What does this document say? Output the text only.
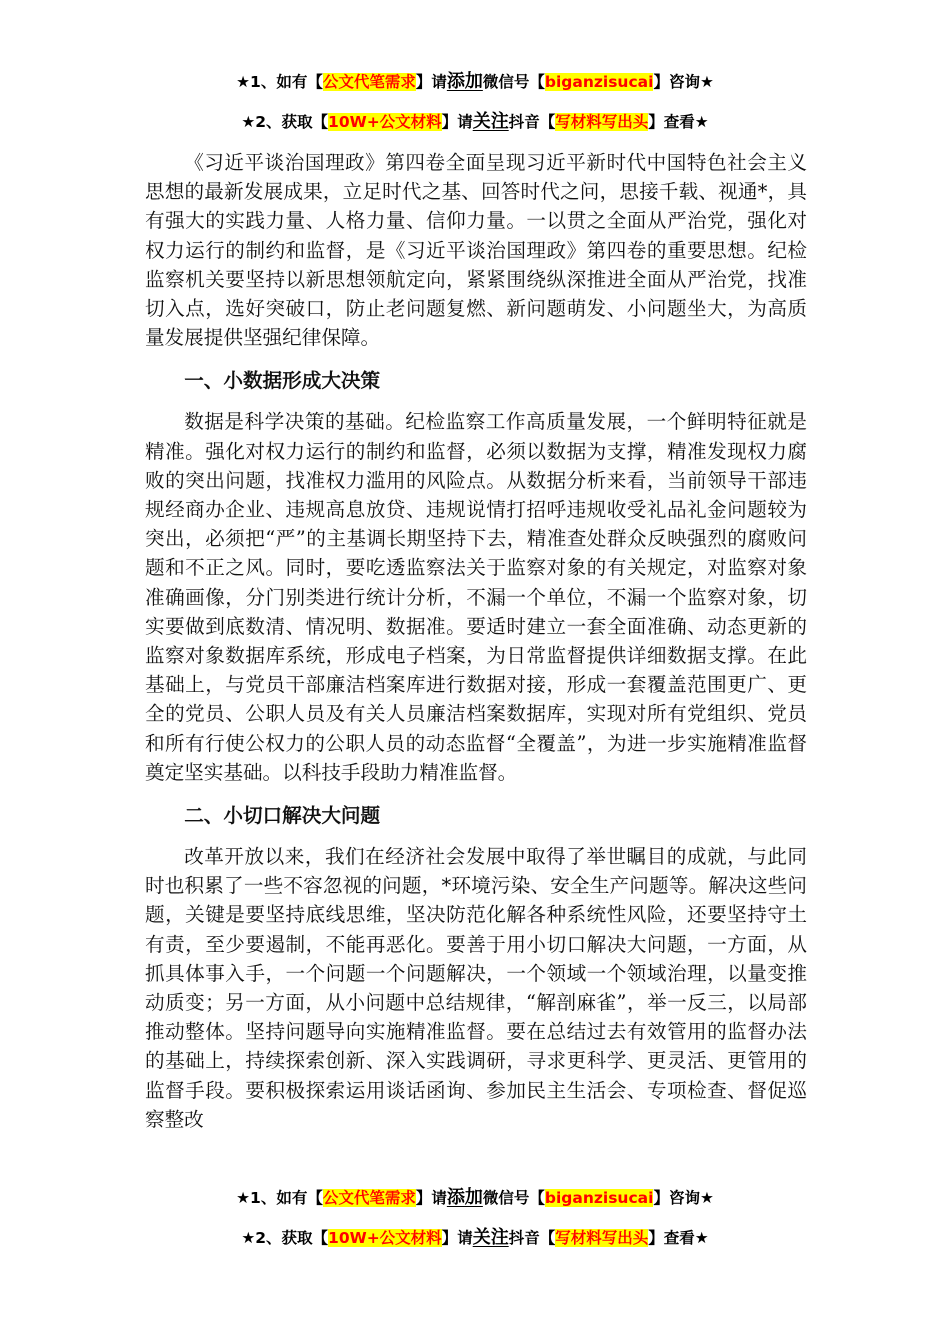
★1、如有【公文代笔需求】请添加微信号【biganzisucai】咨询★
★2、获取【10W+公文材料】请关注抖音【写材料写出头】查看★

《习近平谈治国理政》第四卷全面呈现习近平新时代中国特色社会主义思想的最新发展成果，立足时代之基、回答时代之问，思接千载、视通*，具有强大的实践力量、人格力量、信仰力量。一以贯之全面从严治党，强化对权力运行的制约和监督，是《习近平谈治国理政》第四卷的重要思想。纪检监察机关要坚持以新思想领航定向，紧紧围绕纵深推进全面从严治党，找准切入点，选好突破口，防止老问题复燃、新问题萌发、小问题坐大，为高质量发展提供坚强纪律保障。

一、小数据形成大决策

数据是科学决策的基础。纪检监察工作高质量发展，一个鲜明特征就是精准。强化对权力运行的制约和监督，必须以数据为支撑，精准发现权力腐败的突出问题，找准权力滥用的风险点。从数据分析来看，当前领导干部违规经商办企业、违规高息放贷、违规说情打招呼违规收受礼品礼金问题较为突出，必须把“严”的主基调长期坚持下去，精准查处群众反映强烈的腐败问题和不正之风。同时，要吃透监察法关于监察对象的有关规定，对监察对象准确画像，分门别类进行统计分析，不漏一个单位，不漏一个监察对象，切实要做到底数清、情况明、数据准。要适时建立一套全面准确、动态更新的监察对象数据库系统，形成电子档案，为日常监督提供详细数据支撑。在此基础上，与党员干部廉洁档案库进行数据对接，形成一套覆盖范围更广、更全的党员、公职人员及有关人员廉洁档案数据库，实现对所有党组织、党员和所有行使公权力的公职人员的动态监督“全覆盖”，为进一步实施精准监督奠定坚实基础。以科技手段助力精准监督。

二、小切口解决大问题

改革开放以来，我们在经济社会发展中取得了举世瞩目的成就，与此同时也积累了一些不容忽视的问题，*环境污染、安全生产问题等。解决这些问题，关键是要坚持底线思维，坚决防范化解各种系统性风险，还要坚持守土有责，至少要遏制，不能再恶化。要善于用小切口解决大问题，一方面，从抓具体事入手，一个问题一个问题解决，一个领域一个领域治理，以量变推动质变；另一方面，从小问题中总结规律，“解剖麻雀”，举一反三，以局部推动整体。坚持问题导向实施精准监督。要在总结过去有效管用的监督办法的基础上，持续探索创新、深入实践调研，寻求更科学、更灵活、更管用的监督手段。要积极探索运用谈话函询、参加民主生活会、专项检查、督促巡察整改

★1、如有【公文代笔需求】请添加微信号【biganzisucai】咨询★
★2、获取【10W+公文材料】请关注抖音【写材料写出头】查看★
